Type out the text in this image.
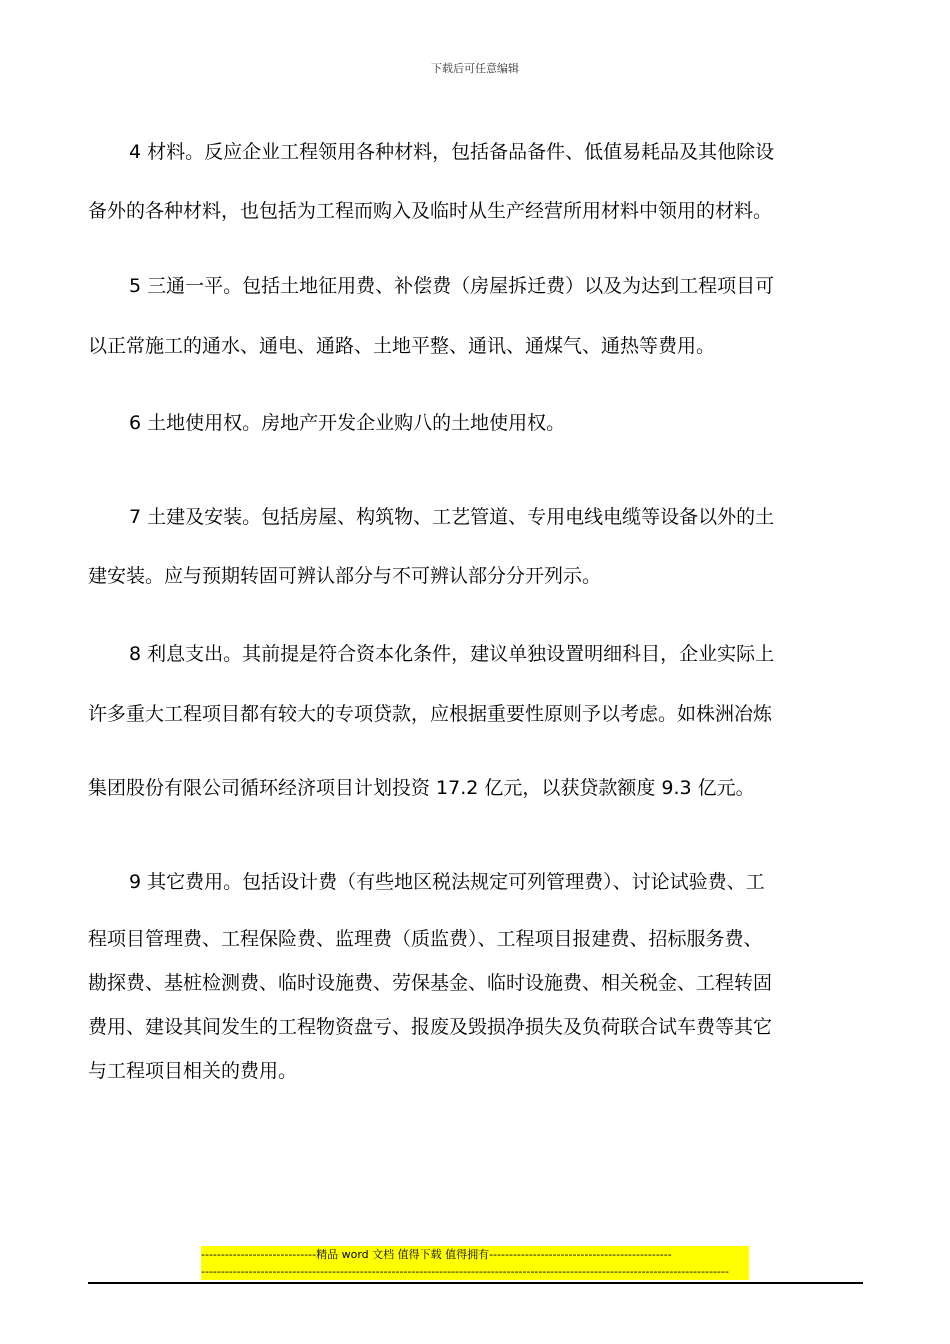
下载后可任意编辑
4 材料。反应企业工程领用各种材料，包括备品备件、低值易耗品及其他除设
备外的各种材料，也包括为工程而购入及临时从生产经营所用材料中领用的材料。
5 三通一平。包括土地征用费、补偿费（房屋拆迁费）以及为达到工程项目可
以正常施工的通水、通电、通路、土地平整、通讯、通煤气、通热等费用。
6 土地使用权。房地产开发企业购八的土地使用权。
7 土建及安装。包括房屋、构筑物、工艺管道、专用电线电缆等设备以外的土
建安装。应与预期转固可辨认部分与不可辨认部分分开列示。
8 利息支出。其前提是符合资本化条件，建议单独设置明细科目，企业实际上
许多重大工程项目都有较大的专项贷款，应根据重要性原则予以考虑。如株洲冶炼
集团股份有限公司循环经济项目计划投资 17.2 亿元，以获贷款额度 9.3 亿元。
9 其它费用。包括设计费（有些地区税法规定可列管理费）、讨论试验费、工
程项目管理费、工程保险费、监理费（质监费）、工程项目报建费、招标服务费、
勘探费、基桩检测费、临时设施费、劳保基金、临时设施费、相关税金、工程转固
费用、建设其间发生的工程物资盘亏、报废及毁损净损失及负荷联合试车费等其它
与工程项目相关的费用。
-----------------------------精品 word 文档 值得下载 值得拥有----------------------------------------------
-------------------------------------------------------------------------------------------------------------------------------------
